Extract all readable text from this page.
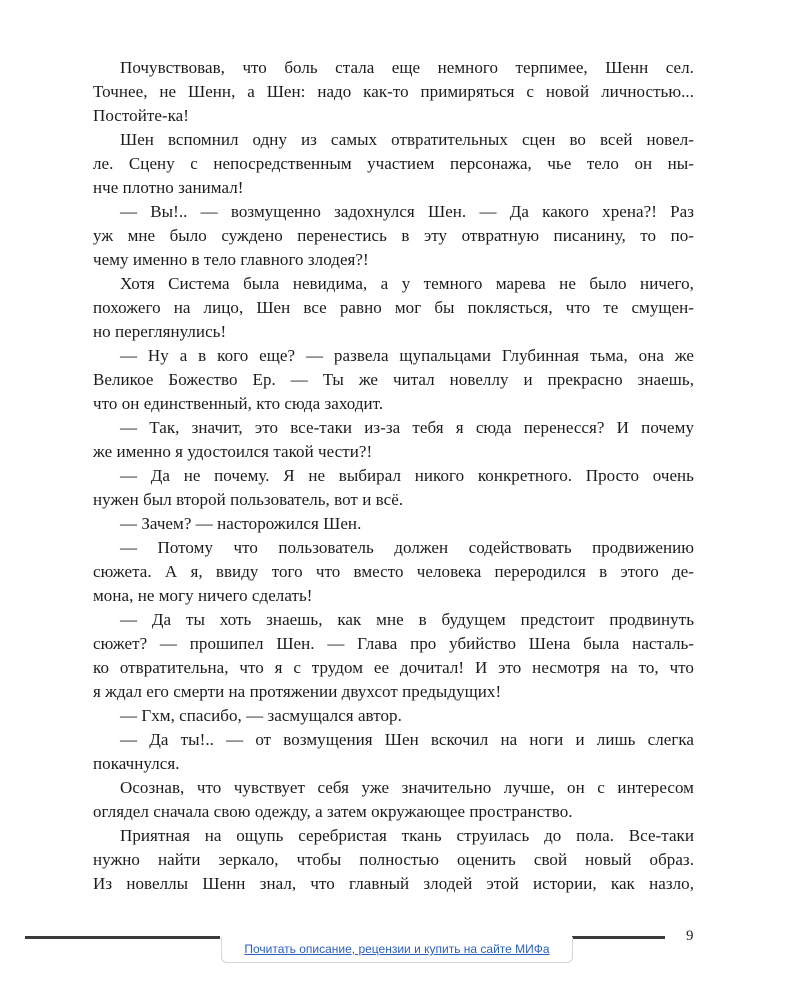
Почувствовав, что боль стала еще немного терпимее, Шенн сел.
Точнее, не Шенн, а Шен: надо как-то примиряться с новой личностью...
Постойте-ка!

Шен вспомнил одну из самых отвратительных сцен во всей новел-
ле. Сцену с непосредственным участием персонажа, чье тело он ны-
нче плотно занимал!

— Вы!.. — возмущенно задохнулся Шен. — Да какого хрена?! Раз
уж мне было суждено перенестись в эту отвратную писанину, то по-
чему именно в тело главного злодея?!

Хотя Система была невидима, а у темного марева не было ничего,
похожего на лицо, Шен все равно мог бы поклясться, что те смущен-
но переглянулись!

— Ну а в кого еще? — развела щупальцами Глубинная тьма, она же
Великое Божество Ер. — Ты же читал новеллу и прекрасно знаешь,
что он единственный, кто сюда заходит.

— Так, значит, это все-таки из-за тебя я сюда перенесся? И почему
же именно я удостоился такой чести?!

— Да не почему. Я не выбирал никого конкретного. Просто очень
нужен был второй пользователь, вот и всё.

— Зачем? — насторожился Шен.

— Потому что пользователь должен содействовать продвижению
сюжета. А я, ввиду того что вместо человека переродился в этого де-
мона, не могу ничего сделать!

— Да ты хоть знаешь, как мне в будущем предстоит продвинуть
сюжет? — прошипел Шен. — Глава про убийство Шена была насталь-
ко отвратительна, что я с трудом ее дочитал! И это несмотря на то, что
я ждал его смерти на протяжении двухсот предыдущих!

— Гхм, спасибо, — засмущался автор.

— Да ты!.. — от возмущения Шен вскочил на ноги и лишь слегка
покачнулся.

Осознав, что чувствует себя уже значительно лучше, он с интересом
оглядел сначала свою одежду, а затем окружающее пространство.

Приятная на ощупь серебристая ткань струилась до пола. Все-таки
нужно найти зеркало, чтобы полностью оценить свой новый образ.
Из новеллы Шенн знал, что главный злодей этой истории, как назло,

Почитать описание, рецензии и купить на сайте МИФа
9
